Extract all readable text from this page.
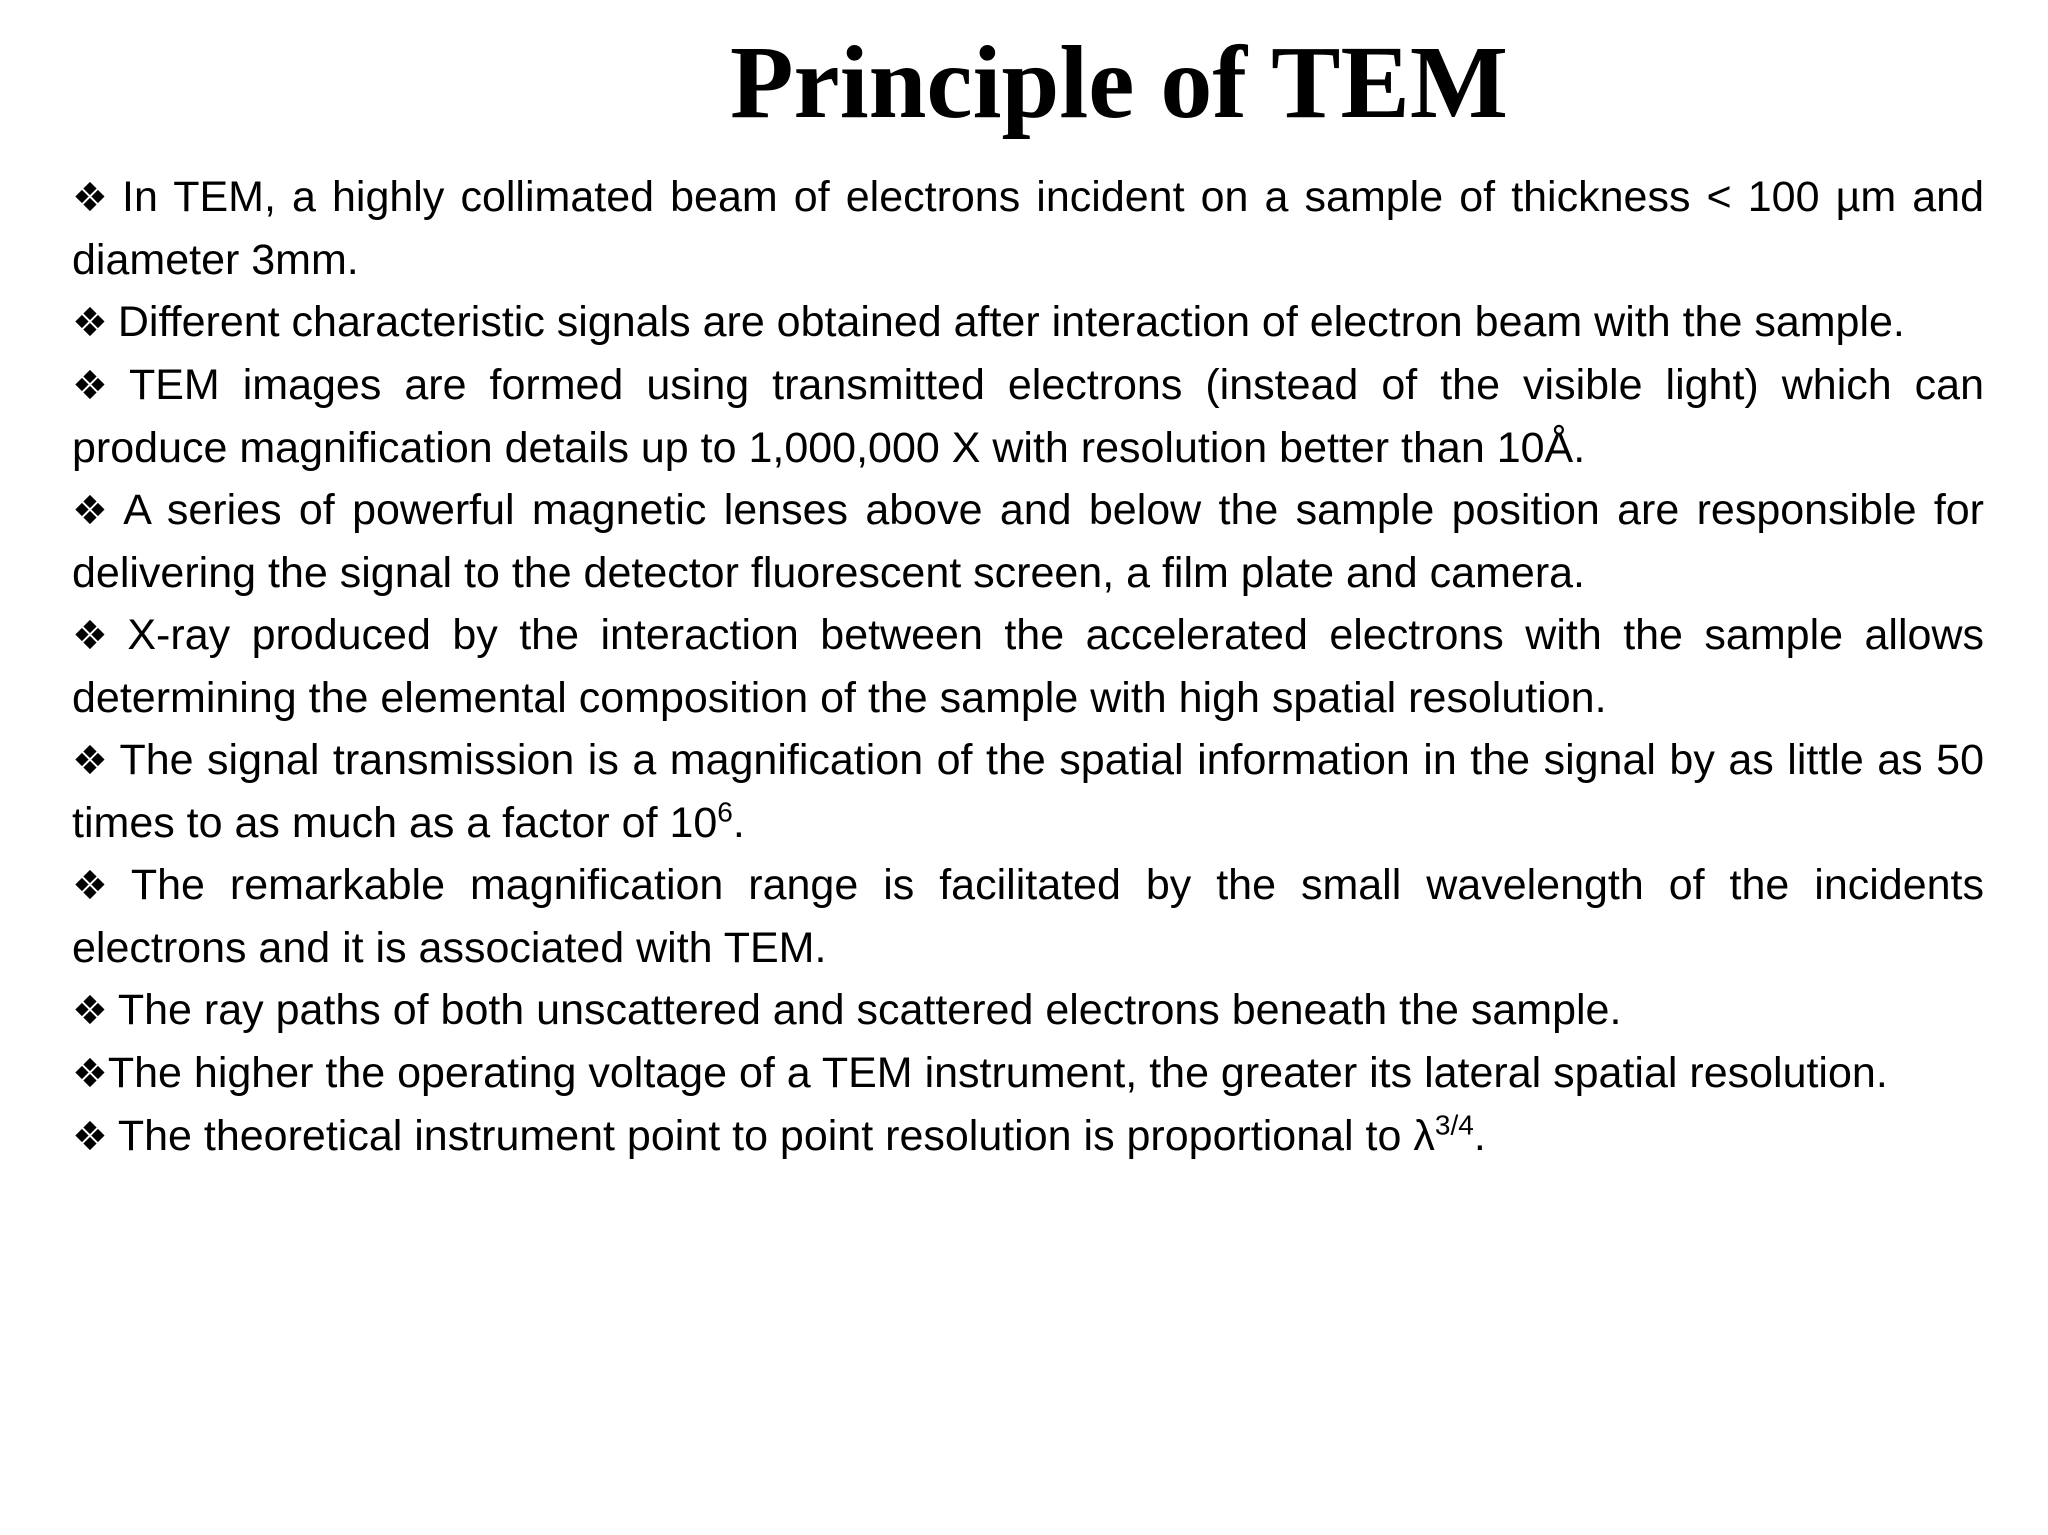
Principle of TEM

❖ In TEM, a highly collimated beam of electrons incident on a sample of thickness < 100 µm and diameter 3mm.

❖ Different characteristic signals are obtained after interaction of electron beam with the sample.

❖ TEM images are formed using transmitted electrons (instead of the visible light) which can produce magnification details up to 1,000,000 X with resolution better than 10Å.

❖ A series of powerful magnetic lenses above and below the sample position are responsible for delivering the signal to the detector fluorescent screen, a film plate and camera.

❖ X-ray produced by the interaction between the accelerated electrons with the sample allows determining the elemental composition of the sample with high spatial resolution.

❖ The signal transmission is a magnification of the spatial information in the signal by as little as 50 times to as much as a factor of $10^6$.

❖ The remarkable magnification range is facilitated by the small wavelength of the incidents electrons and it is associated with TEM.

❖ The ray paths of both unscattered and scattered electrons beneath the sample.

❖The higher the operating voltage of a TEM instrument, the greater its lateral spatial resolution.

❖ The theoretical instrument point to point resolution is proportional to $\lambda^{3/4}$.
